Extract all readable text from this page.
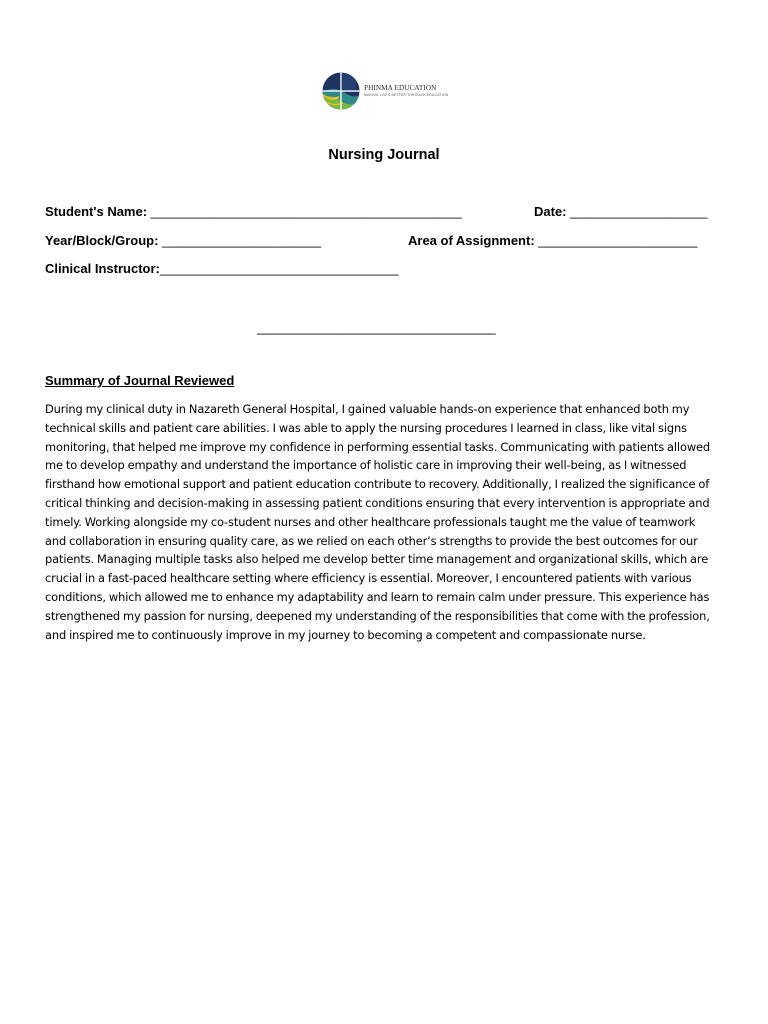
PHINMA EDUCATION
MAKING LIVES BETTER THROUGH EDUCATION
Nursing Journal
Student's Name: ___________________________________________	Date: ___________________
Year/Block/Group: ______________________	Area of Assignment: ______________________
Clinical Instructor:_________________________________
_________________________________
Summary of Journal Reviewed
During my clinical duty in Nazareth General Hospital, I gained valuable hands-on experience that enhanced both my
technical skills and patient care abilities. I was able to apply the nursing procedures I learned in class, like vital signs
monitoring, that helped me improve my confidence in performing essential tasks. Communicating with patients allowed
me to develop empathy and understand the importance of holistic care in improving their well-being, as I witnessed
firsthand how emotional support and patient education contribute to recovery. Additionally, I realized the significance of
critical thinking and decision-making in assessing patient conditions ensuring that every intervention is appropriate and
timely. Working alongside my co-student nurses and other healthcare professionals taught me the value of teamwork
and collaboration in ensuring quality care, as we relied on each other’s strengths to provide the best outcomes for our
patients. Managing multiple tasks also helped me develop better time management and organizational skills, which are
crucial in a fast-paced healthcare setting where efficiency is essential. Moreover, I encountered patients with various
conditions, which allowed me to enhance my adaptability and learn to remain calm under pressure. This experience has
strengthened my passion for nursing, deepened my understanding of the responsibilities that come with the profession,
and inspired me to continuously improve in my journey to becoming a competent and compassionate nurse.
